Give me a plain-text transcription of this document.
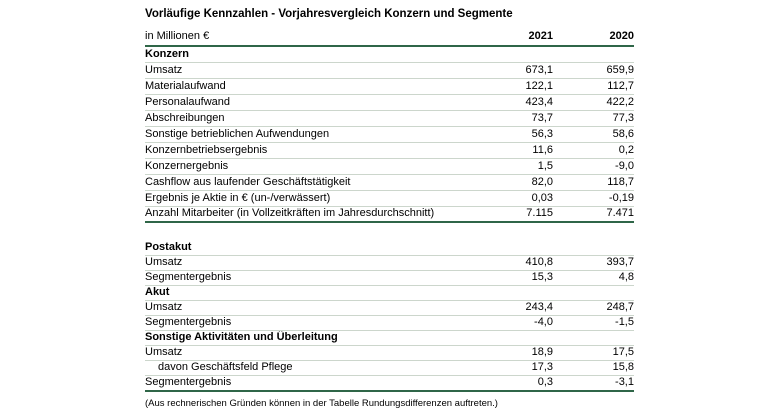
Vorläufige Kennzahlen - Vorjahresvergleich Konzern und Segmente
in Millionen €	2021	2020
Konzern		
Umsatz	673,1	659,9
Materialaufwand	122,1	112,7
Personalaufwand	423,4	422,2
Abschreibungen	73,7	77,3
Sonstige betrieblichen Aufwendungen	56,3	58,6
Konzernbetriebsergebnis	11,6	0,2
Konzernergebnis	1,5	-9,0
Cashflow aus laufender Geschäftstätigkeit	82,0	118,7
Ergebnis je Aktie in € (un-/verwässert)	0,03	-0,19
Anzahl Mitarbeiter (in Vollzeitkräften im Jahresdurchschnitt)	7.115	7.471
Postakut		
Umsatz	410,8	393,7
Segmentergebnis	15,3	4,8
Akut		
Umsatz	243,4	248,7
Segmentergebnis	-4,0	-1,5
Sonstige Aktivitäten und Überleitung		
Umsatz	18,9	17,5
davon Geschäftsfeld Pflege	17,3	15,8
Segmentergebnis	0,3	-3,1
(Aus rechnerischen Gründen können in der Tabelle Rundungsdifferenzen auftreten.)
